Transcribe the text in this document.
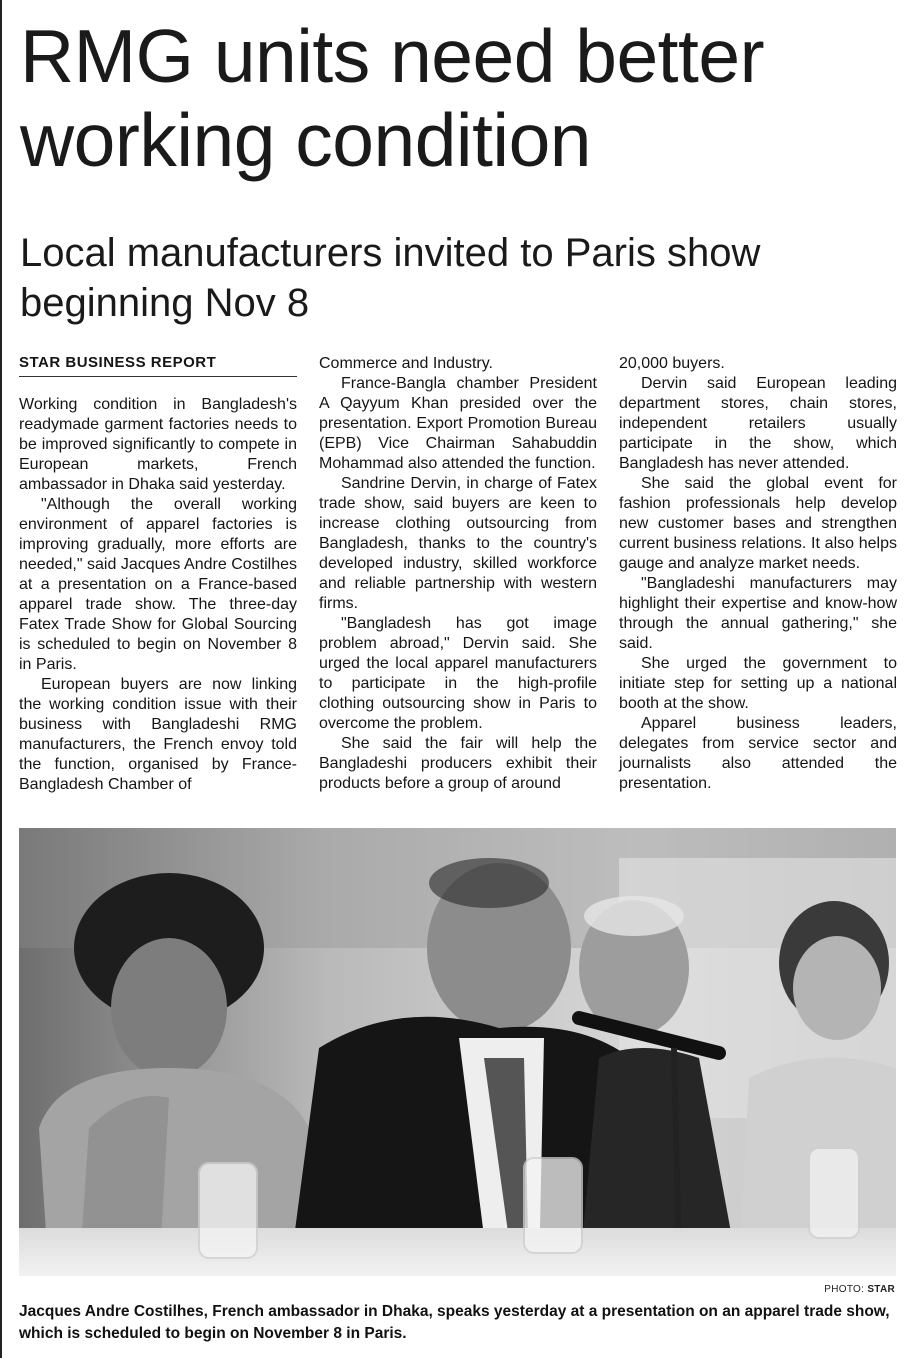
RMG units need better working condition
Local manufacturers invited to Paris show beginning Nov 8
STAR BUSINESS REPORT

Working condition in Bangladesh's readymade garment factories needs to be improved significantly to compete in European markets, French ambassador in Dhaka said yesterday.

"Although the overall working environment of apparel factories is improving gradually, more efforts are needed," said Jacques Andre Costilhes at a presentation on a France-based apparel trade show. The three-day Fatex Trade Show for Global Sourcing is scheduled to begin on November 8 in Paris.

European buyers are now linking the working condition issue with their business with Bangladeshi RMG manufacturers, the French envoy told the function, organised by France-Bangladesh Chamber of

Commerce and Industry.

France-Bangla chamber President A Qayyum Khan presided over the presentation. Export Promotion Bureau (EPB) Vice Chairman Sahabuddin Mohammad also attended the function.

Sandrine Dervin, in charge of Fatex trade show, said buyers are keen to increase clothing outsourcing from Bangladesh, thanks to the country's developed industry, skilled workforce and reliable partnership with western firms.

"Bangladesh has got image problem abroad," Dervin said. She urged the local apparel manufacturers to participate in the high-profile clothing outsourcing show in Paris to overcome the problem.

She said the fair will help the Bangladeshi producers exhibit their products before a group of around

20,000 buyers.

Dervin said European leading department stores, chain stores, independent retailers usually participate in the show, which Bangladesh has never attended.

She said the global event for fashion professionals help develop new customer bases and strengthen current business relations. It also helps gauge and analyze market needs.

"Bangladeshi manufacturers may highlight their expertise and know-how through the annual gathering," she said.

She urged the government to initiate step for setting up a national booth at the show.

Apparel business leaders, delegates from service sector and journalists also attended the presentation.

PHOTO: STAR

Jacques Andre Costilhes, French ambassador in Dhaka, speaks yesterday at a presentation on an apparel trade show, which is scheduled to begin on November 8 in Paris.
